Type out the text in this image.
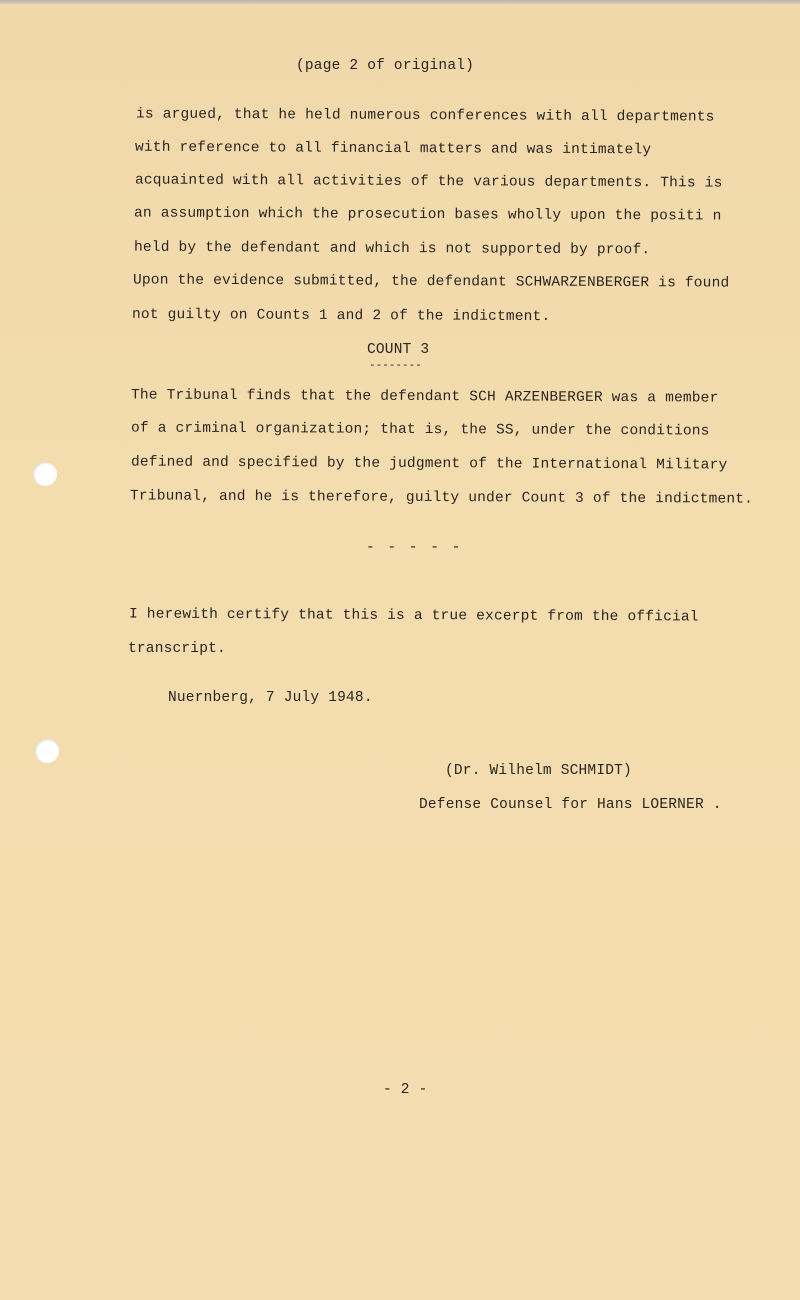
(page 2 of original)
is argued, that he held numerous conferences with all departments
with reference to all financial matters and was intimately
acquainted with all activities of the various departments. This is
an assumption which the prosecution bases wholly upon the positi n
held by the defendant and which is not supported by proof.
Upon the evidence submitted, the defendant SCHWARZENBERGER is found
not guilty on Counts 1 and 2 of the indictment.
COUNT 3
--------
The Tribunal finds that the defendant SCH ARZENBERGER was a member
of a criminal organization; that is, the SS, under the conditions
defined and specified by the judgment of the International Military
Tribunal, and he is therefore, guilty under Count 3 of the indictment.
- - - - -
I herewith certify that this is a true excerpt from the official
transcript.
Nuernberg, 7 July 1948.
(Dr. Wilhelm SCHMIDT)
Defense Counsel for Hans LOERNER .
- 2 -
